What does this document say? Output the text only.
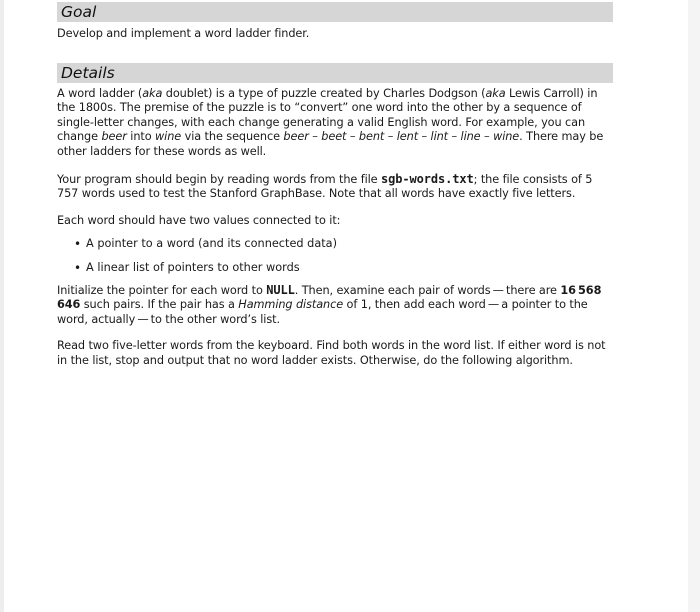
Goal

Develop and implement a word ladder finder.

Details

A word ladder (aka doublet) is a type of puzzle created by Charles Dodgson (aka Lewis Carroll) in the 1800s. The premise of the puzzle is to “convert” one word into the other by a sequence of single-letter changes, with each change generating a valid English word. For example, you can change beer into wine via the sequence beer – beet – bent – lent – lint – line – wine. There may be other ladders for these words as well.

Your program should begin by reading words from the file sgb-words.txt; the file consists of 5 757 words used to test the Stanford GraphBase. Note that all words have exactly five letters.

Each word should have two values connected to it:

• A pointer to a word (and its connected data)
• A linear list of pointers to other words

Initialize the pointer for each word to NULL. Then, examine each pair of words — there are 16 568 646 such pairs. If the pair has a Hamming distance of 1, then add each word — a pointer to the word, actually — to the other word’s list.

Read two five-letter words from the keyboard. Find both words in the word list. If either word is not in the list, stop and output that no word ladder exists. Otherwise, do the following algorithm.
